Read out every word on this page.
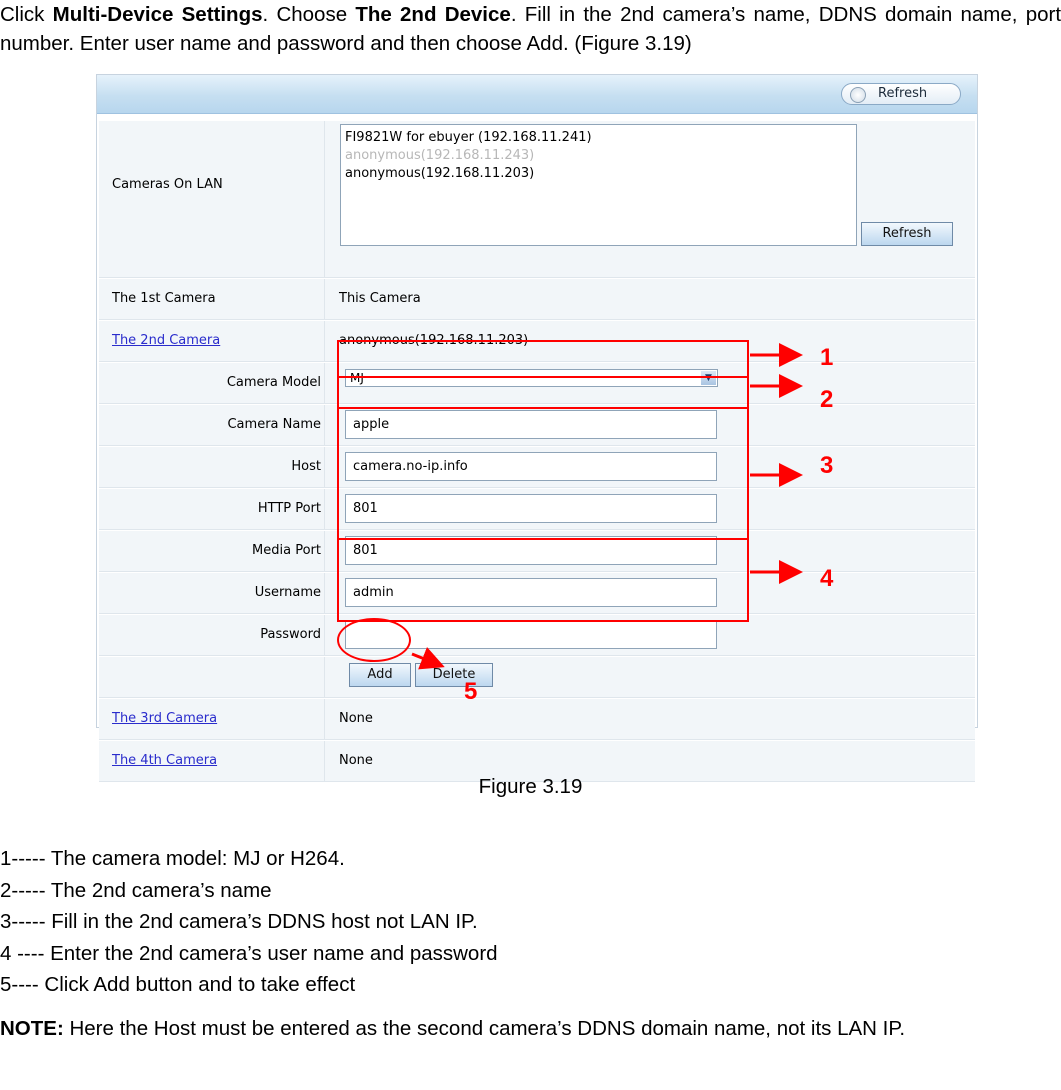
Click Multi-Device Settings. Choose The 2nd Device. Fill in the 2nd camera’s name, DDNS domain name, port number. Enter user name and password and then choose Add. (Figure 3.19)

Refresh
Cameras On LAN
FI9821W for ebuyer (192.168.11.241)
anonymous(192.168.11.243)
anonymous(192.168.11.203)
Refresh
The 1st Camera	This Camera
The 2nd Camera	anonymous(192.168.11.203)
Camera Model	MJ	▼
Camera Name	apple
Host	camera.no-ip.info
HTTP Port	801
Media Port	801
Username	admin
Password
Add	Delete
The 3rd Camera	None
The 4th Camera	None
1
2
3
4
5

Figure 3.19

1----- The camera model: MJ or H264.
2----- The 2nd camera’s name
3----- Fill in the 2nd camera’s DDNS host not LAN IP.
4 ---- Enter the 2nd camera’s user name and password
5---- Click Add button and to take effect

NOTE: Here the Host must be entered as the second camera’s DDNS domain name, not its LAN IP.
